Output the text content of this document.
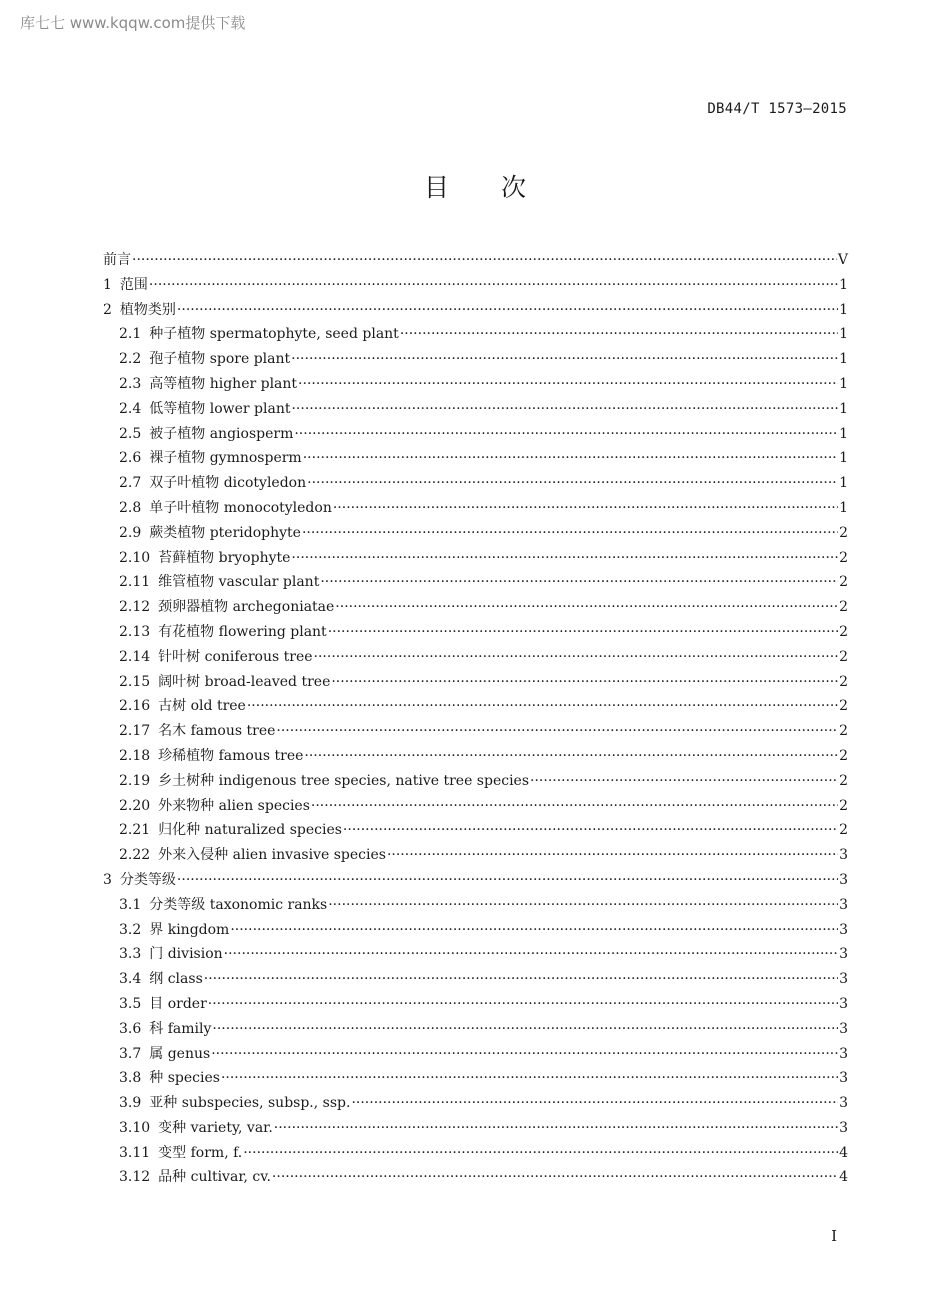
库七七 www.kqqw.com提供下载
DB44/T 1573—2015
目 次
前言 ·····	V
1 范围 ·····	1
2 植物类别 ·····	1
2.1 种子植物 spermatophyte, seed plant ·····	1
2.2 孢子植物 spore plant ·····	1
2.3 高等植物 higher plant ·····	1
2.4 低等植物 lower plant ·····	1
2.5 被子植物 angiosperm ·····	1
2.6 裸子植物 gymnosperm ·····	1
2.7 双子叶植物 dicotyledon ·····	1
2.8 单子叶植物 monocotyledon ·····	1
2.9 蕨类植物 pteridophyte ·····	2
2.10 苔藓植物 bryophyte ·····	2
2.11 维管植物 vascular plant ·····	2
2.12 颈卵器植物 archegoniatae ·····	2
2.13 有花植物 flowering plant ·····	2
2.14 针叶树 coniferous tree ·····	2
2.15 阔叶树 broad-leaved tree ·····	2
2.16 古树 old tree ·····	2
2.17 名木 famous tree ·····	2
2.18 珍稀植物 famous tree ·····	2
2.19 乡土树种 indigenous tree species, native tree species ·····	2
2.20 外来物种 alien species ·····	2
2.21 归化种 naturalized species ·····	2
2.22 外来入侵种 alien invasive species ·····	3
3 分类等级 ·····	3
3.1 分类等级 taxonomic ranks ·····	3
3.2 界 kingdom ·····	3
3.3 门 division ·····	3
3.4 纲 class ·····	3
3.5 目 order ·····	3
3.6 科 family ·····	3
3.7 属 genus ·····	3
3.8 种 species ·····	3
3.9 亚种 subspecies, subsp., ssp. ·····	3
3.10 变种 variety, var. ·····	3
3.11 变型 form, f. ·····	4
3.12 品种 cultivar, cv. ·····	4
I
